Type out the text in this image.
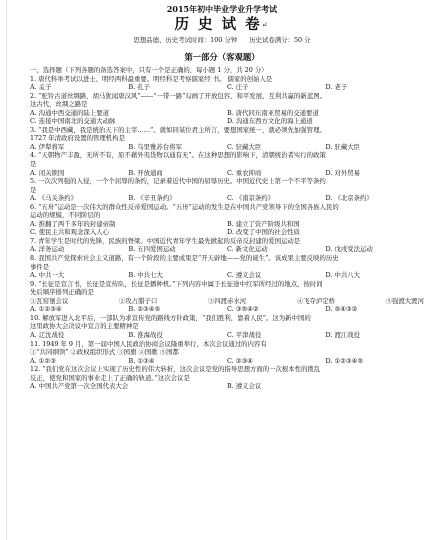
2015年初中毕业学业升学考试
历 史 试 卷↵
思想品德、历史考试时间：100 分钟 历史试卷满分：50 分
第一部分（客观题）
一、选择题（下列各题的备选答案中，只有一个是正确的，每小题 1 分，共 20 分）
1. 唐代科举考试以进士、明经两科最重要。明经科是考察儒家经 书。 儒家的创始人是
A. 孟子	B. 孔子	C. 庄子	D. 老子
2. “驼铃古道丝绸路，胡马犹闻唐汉风”——“一带一路”勾画了开放包容、和平发展、互利共赢的新蓝图。
这古代，丝绸之路是
A. 沟通中西交通的陆上要道	B. 唐代同东南亚贸易的交通要道
C. 连接中国南北的交通大动脉	D. 沟通东西方文化的海上通道
3. “我是中西藏，我是统治天下的主宰……”。就如同某位君主所言，要想国家统一，就必须先加强管理。
1727 年清政府设置的管理机构是
A. 伊犁将军	B. 乌里雅苏台将军	C. 驻藏大臣	D. 驻藏大臣
4. “天朝物产丰盈，无所不有，原不藉外夷货物以通有无”。在这种思想的影响下，清朝统治者实行的政策
是
A. 闭关锁国	B. 开放通商	C. 重农抑商	D. 对外贸易
5. 一次次列强的入侵，一个个屈辱的条约，记录着近代中国的屈辱历史。中国近代史上第一个不平等条约
是
A. 《马关条约》	B. 《辛丑条约》	C. 《南京条约》	D. 《北京条约》
6. “五卅”运动是一次伟大的群众性反帝爱国运动。“五卅”运动的发生是在中国共产党领导下的全国各族人民的
运动的规模，不同阶层的
A. 推翻了两千多年的封建帝制	B. 建立了资产阶级共和国
C. 使民主共和观念深入人心	D. 改变了中国的社会性质
7. 青年学生是时代的先锋，民族的脊梁。中国近代青年学生最先掀起的反帝反封建的爱国运动是
A. 洋务运动	B. 五四爱国运动	C. 新文化运动	D. 戊戌变法运动
8. 我国共产党探索社会主义道路，有一个阶段的主要成果是“开天辟地——党的诞生”。该成果主要反映的历史
事件是
A. 中共一大	B. 中共七大	C. 遵义会议	D. 中共八大
9. “长征是宣言书，长征是宣传队，长征是播种机。”下列内容中属于长征途中红军所经过的地点，按时间
先后顺序排列正确的是
①瓦窑堡会议	②攻占腊子口	③四渡赤水河	④飞夺泸定桥	⑤强渡大渡河
A. ①②③④	B. ②③④⑤	C. ③⑤④②	D. ⑤④③②
10. 解放军进入北平后，一部队为求宣传党的路线方针政策，“我们胜利，靠着人民”。这为新中国的
这里政协大会决议中宣言的主要精神是
A. 辽沈战役	B. 淮海战役	C. 平津战役	D. 渡江战役
11. 1949 年 9 月，第一届中国人民政治协商会议隆重举行，本次会议通过的内容有
①“共同纲领” ②政权组织形式 ③国旗 ④国歌 ⑤国都
A. ①②③	B. ①③④	C. ②③④	D. ①②③④⑤
12. “我们党在这次会议上实现了历史性的伟大转折，这次会议是党的指导思想方面的一次根本性的拨乱
反正，使党和国家的事业走上了正确的轨道。”这次会议是
A. 中国共产党第一次全国代表大会	B. 遵义会议
